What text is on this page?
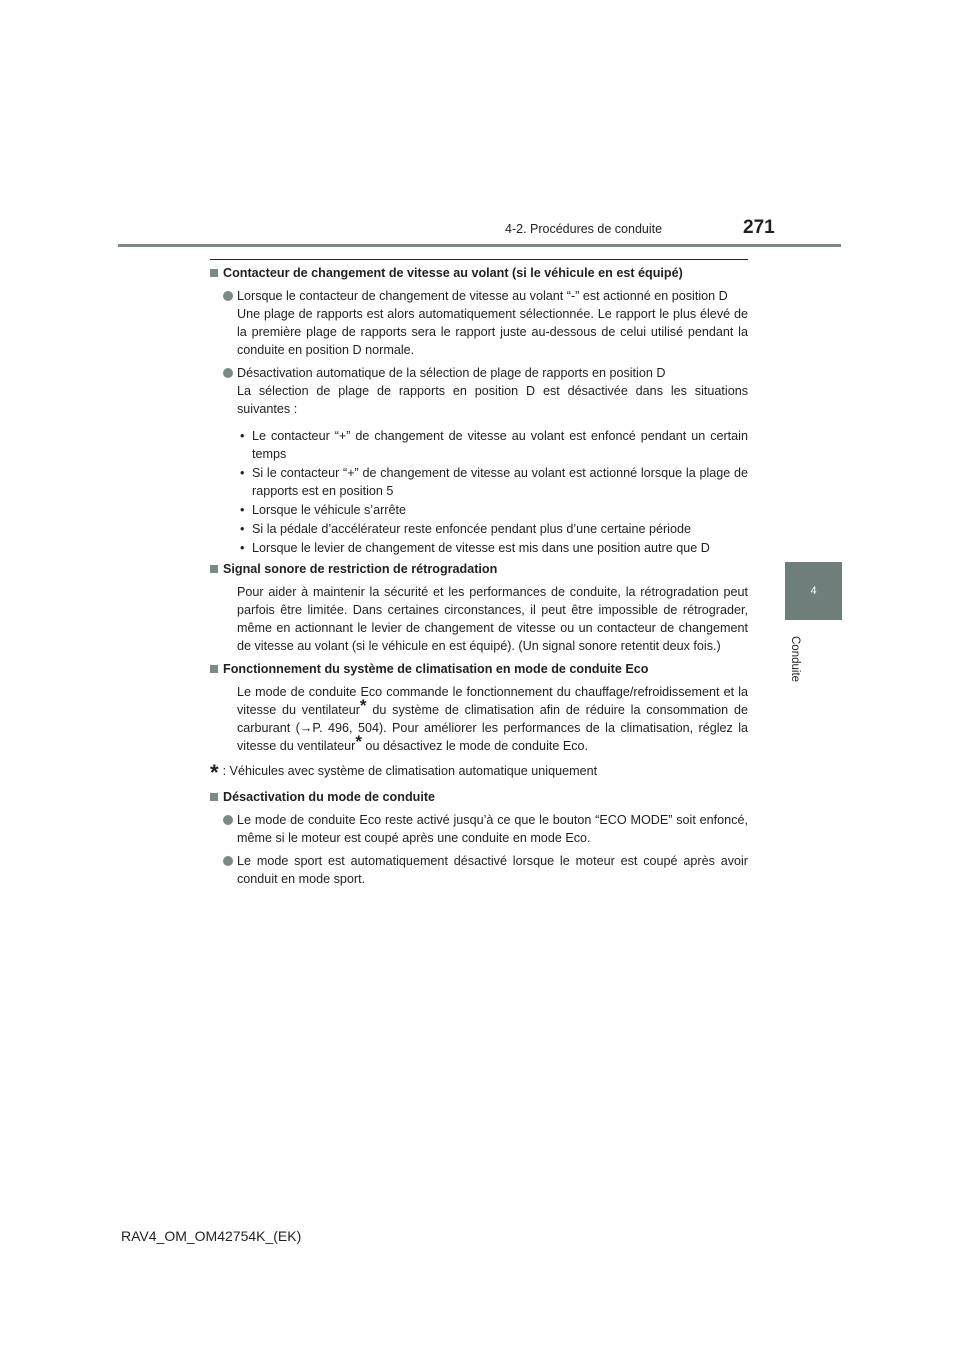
4-2. Procédures de conduite	271
4
Conduite
Contacteur de changement de vitesse au volant (si le véhicule en est équipé)
Lorsque le contacteur de changement de vitesse au volant “-” est actionné en position D
Une plage de rapports est alors automatiquement sélectionnée. Le rapport le plus élevé de la première plage de rapports sera le rapport juste au-dessous de celui utilisé pendant la conduite en position D normale.
Désactivation automatique de la sélection de plage de rapports en position D
La sélection de plage de rapports en position D est désactivée dans les situations suivantes :
• Le contacteur “+” de changement de vitesse au volant est enfoncé pendant un certain temps
• Si le contacteur “+” de changement de vitesse au volant est actionné lorsque la plage de rapports est en position 5
• Lorsque le véhicule s’arrête
• Si la pédale d’accélérateur reste enfoncée pendant plus d’une certaine période
• Lorsque le levier de changement de vitesse est mis dans une position autre que D
Signal sonore de restriction de rétrogradation
Pour aider à maintenir la sécurité et les performances de conduite, la rétrogradation peut parfois être limitée. Dans certaines circonstances, il peut être impossible de rétrograder, même en actionnant le levier de changement de vitesse ou un contacteur de changement de vitesse au volant (si le véhicule en est équipé). (Un signal sonore retentit deux fois.)
Fonctionnement du système de climatisation en mode de conduite Eco
Le mode de conduite Eco commande le fonctionnement du chauffage/refroidissement et la vitesse du ventilateur* du système de climatisation afin de réduire la consommation de carburant (→P. 496, 504). Pour améliorer les performances de la climatisation, réglez la vitesse du ventilateur* ou désactivez le mode de conduite Eco.
* : Véhicules avec système de climatisation automatique uniquement
Désactivation du mode de conduite
Le mode de conduite Eco reste activé jusqu’à ce que le bouton “ECO MODE” soit enfoncé, même si le moteur est coupé après une conduite en mode Eco.
Le mode sport est automatiquement désactivé lorsque le moteur est coupé après avoir conduit en mode sport.
RAV4_OM_OM42754K_(EK)
